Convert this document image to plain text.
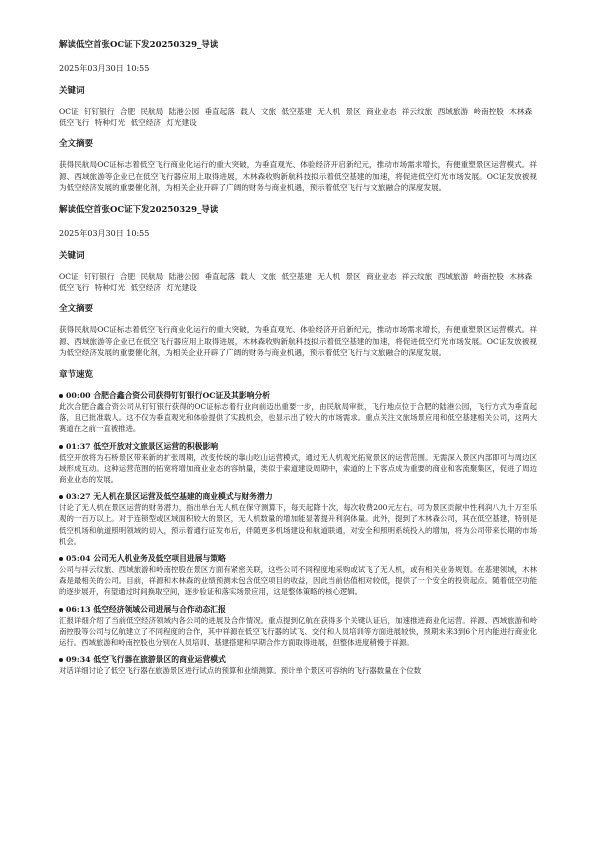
解读低空首张OC证下发20250329_导读
2025年03月30日 10:55
关键词
OC证 钉钉银行 合肥 民航局 陆港公园 垂直起落 载人 文旅 低空基建 无人机 景区 商业业态 祥云纹旅 西域旅游 岭南控股 木林森 低空飞行 特种灯光 低空经济 灯光建设
全文摘要
获得民航局OC证标志着低空飞行商业化运行的重大突破，为垂直观光、体验经济开启新纪元，推动市场需求增长，有便重塑景区运营模式。祥源、西域旅游等企业已在低空飞行器应用上取得进展，木林森收购新航科技拟示着低空基建的加速，将促进低空灯光市场发展。OC证发放被视为低空经济发展的重要催化剂，为相关企业开辟了广阔的财务与商业机遇，预示着低空飞行与文旅融合的深度发展。
解读低空首张OC证下发20250329_导读
2025年03月30日 10:55
关键词
OC证 钉钉银行 合肥 民航局 陆港公园 垂直起落 载人 文旅 低空基建 无人机 景区 商业业态 祥云纹旅 西域旅游 岭南控股 木林森 低空飞行 特种灯光 低空经济 灯光建设
全文摘要
获得民航局OC证标志着低空飞行商业化运行的重大突破，为垂直观光、体验经济开启新纪元，推动市场需求增长，有便重塑景区运营模式。祥源、西域旅游等企业已在低空飞行器应用上取得进展，木林森收购新航科技拟示着低空基建的加速，将促进低空灯光市场发展。OC证发放被视为低空经济发展的重要催化剂，为相关企业开辟了广阔的财务与商业机遇，预示着低空飞行与文旅融合的深度发展。
章节速览
00:00 合肥合鑫合资公司获得钉钉银行OC证及其影响分析
此次合肥合鑫合资公司从钉钉银行获得的OC证标志着行业向前迈出重要一步，由民航局审批，飞行地点位于合肥的陆港公园，飞行方式为垂直起落，且已批准载人。这不仅为垂直观光和体验提供了实践机会，也显示出了较大的市场需求。重点关注文旅场景应用和低空基建相关公司，这两大赛道在之前一直被推进。
01:37 低空开放对文旅景区运营的积极影响
低空开放将为石桥景区带来新的扩张周期，改变传统的靠山吃山运营模式，通过无人机观光拓宽景区的运营范围。无需深入景区内部即可与周边区域形成互动。这种运营范围的拓宽将增加商业业态的容纳量，类似于索道建设周期中，索道的上下客点成为重要的商业和客流聚集区，促进了周边商业业态的发展。
03:27 无人机在景区运营及低空基建的商业模式与财务潜力
讨论了无人机在景区运营的财务潜力，指出单台无人机在保守测算下，每天起降十次，每次收费200元左右，可为景区贡献中性利润八九十万至乐观的一百万以上。对于连锁型或区域面积较大的景区，无人机数量的增加能显著提升利润体量。此外，提到了木林森公司，其在低空基建，特别是低空机场和航道照明领域的切入，预示着通行证发布后，伴随更多机场建设和航道联通，对安全和照明系统投入的增加，将为公司带来长期的市场机会。
05:04 公司无人机业务及低空项目进展与策略
公司与祥云纹旅、西域旅游和岭南控股在景区方面有紧密关联，这些公司不同程度地采购或试飞了无人机，或有相关业务规划。在基建领域，木林森是最相关的公司。目前，祥源和木林森的业绩预测未包含低空项目的收益，因此当前估值相对较低，提供了一个安全的投资起点。随着低空功能的逐步展开，有望通过时间换取空间，逐步验证和落实场景应用，这是整体策略的核心逻辑。
06:13 低空经济领域公司进展与合作动态汇报
汇报详细介绍了当前低空经济领域内各公司的进展及合作情况。重点提到亿航在获得多个关键认证后，加速推进商业化运营。祥源、西域旅游和岭南控股等公司与亿航建立了不同程度的合作，其中祥源在低空飞行器的试飞、交付和人员培训等方面进展较快，预期未来3到6个月内能进行商业化运行。西域旅游和岭南控股也分别在人员培训、基建搭建和早期合作方面取得进展，但整体进度稍慢于祥源。
09:34 低空飞行器在旅游景区的商业运营模式
对话详细讨论了低空飞行器在旅游景区进行试点的预算和业绩测算。预计单个景区可容纳的飞行器数量在个位数
